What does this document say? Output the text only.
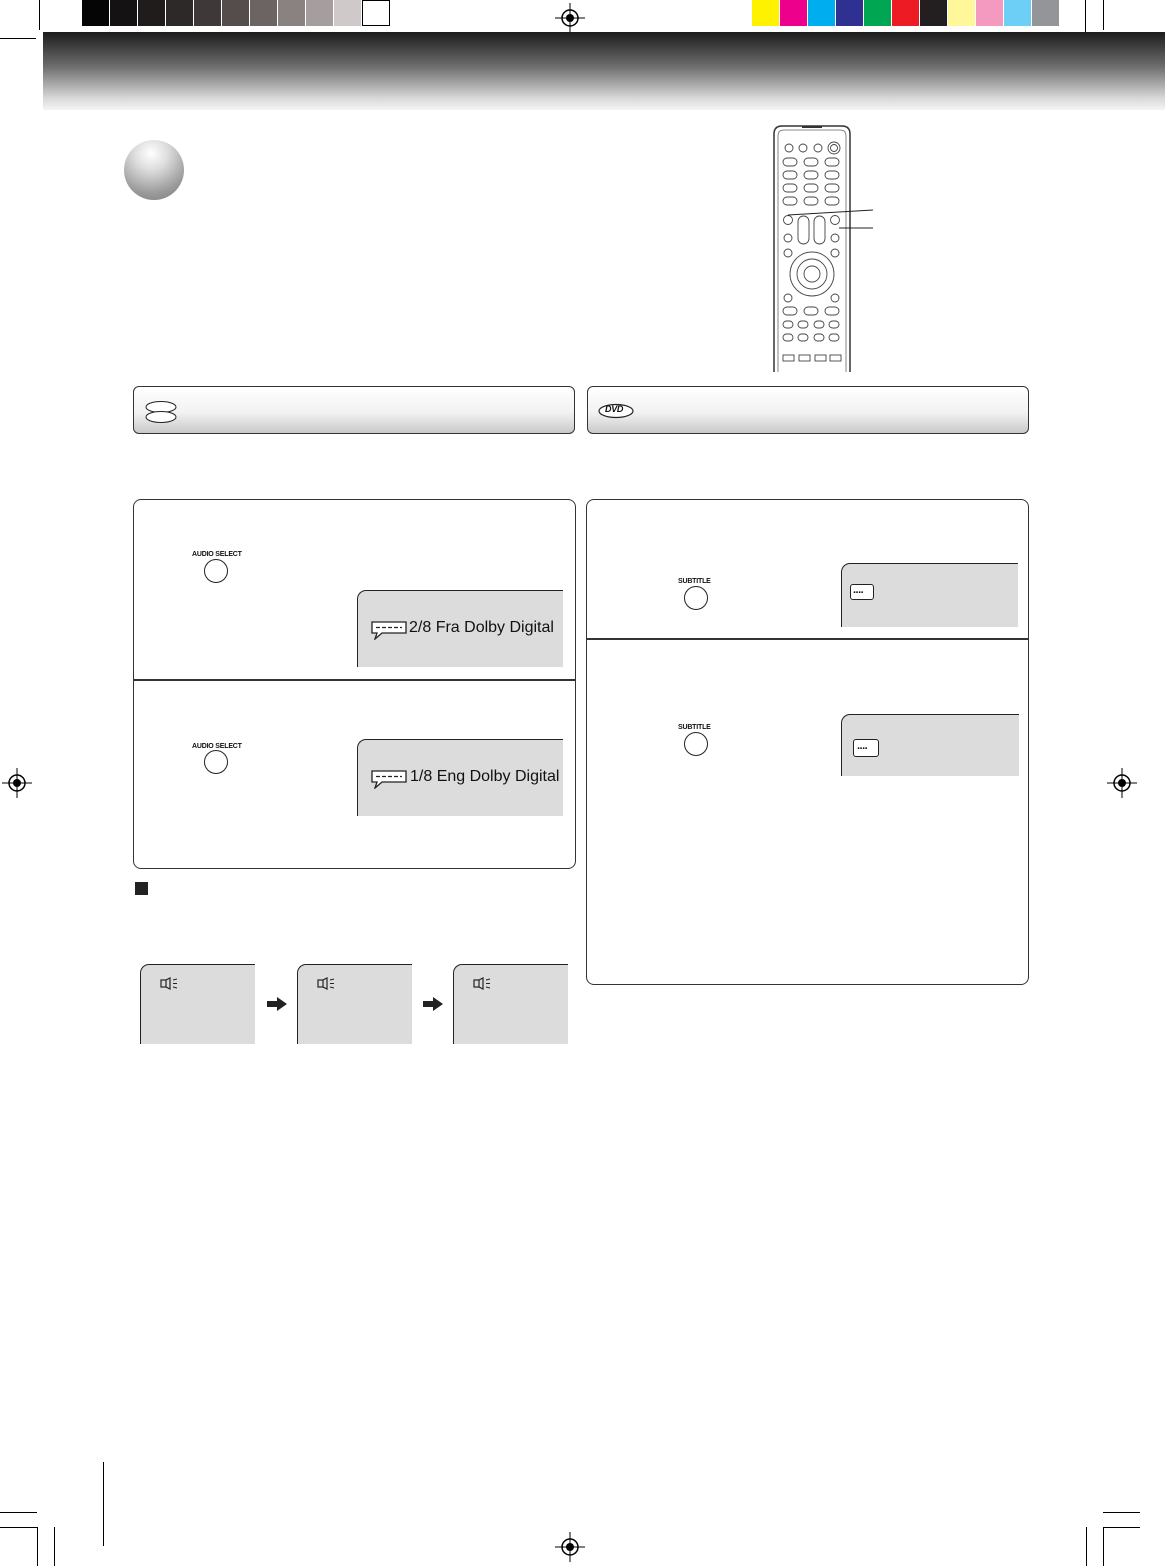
DVD
AUDIO SELECT
2/8 Fra Dolby Digital
AUDIO SELECT
1/8 Eng Dolby Digital
SUBTITLE
....
SUBTITLE
....
